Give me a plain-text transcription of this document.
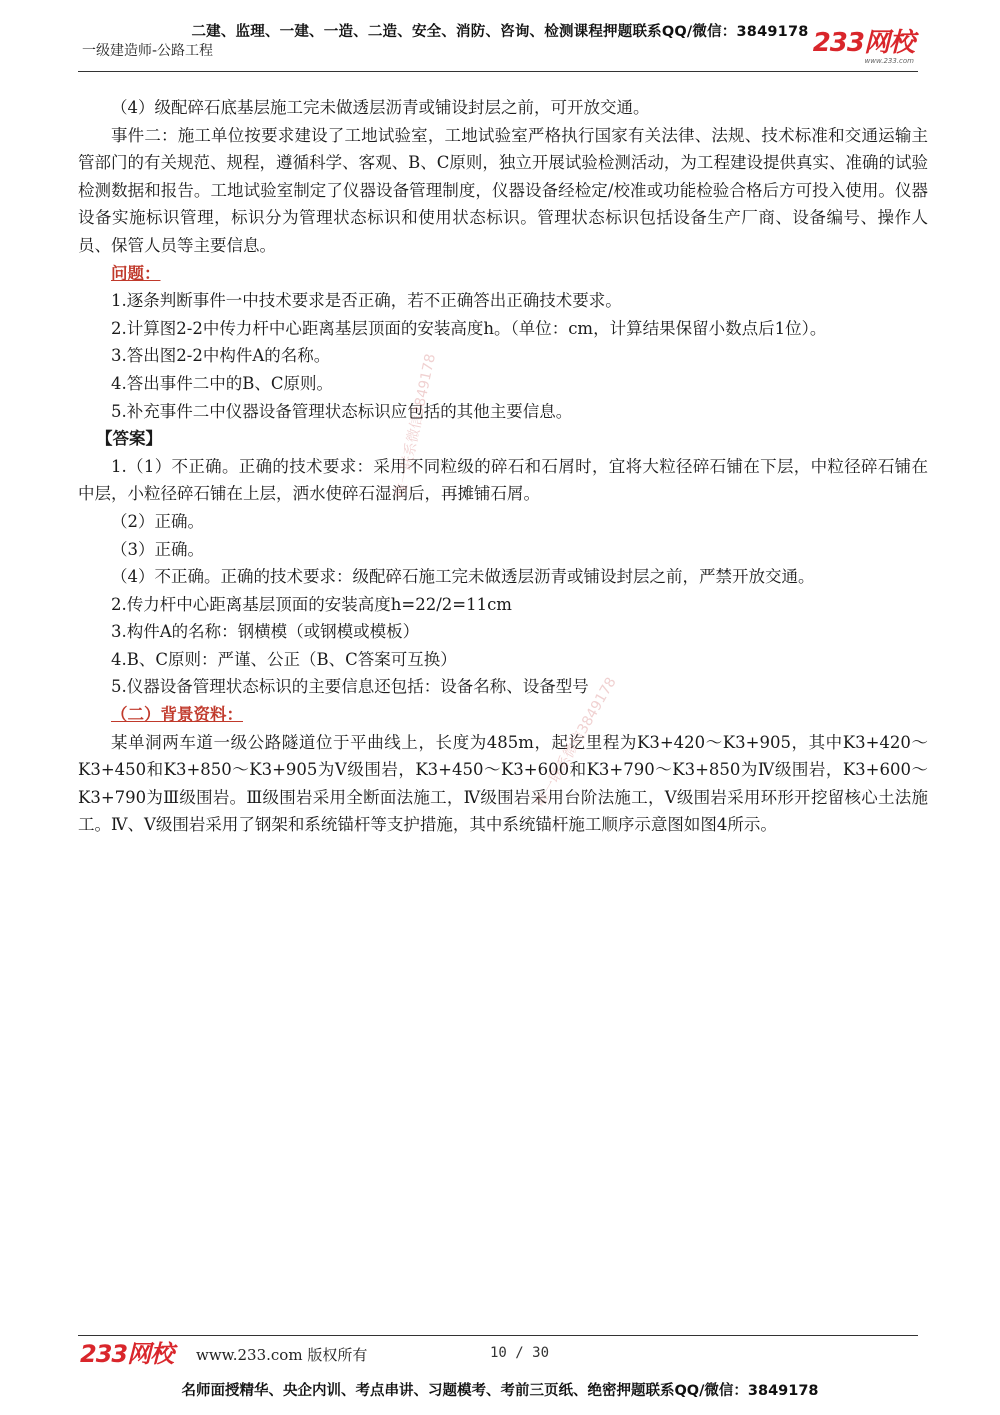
二建、监理、一建、一造、二造、安全、消防、咨询、检测课程押题联系QQ/微信：3849178
一级建造师-公路工程	233网校
www.233.com

（4）级配碎石底基层施工完未做透层沥青或铺设封层之前，可开放交通。

事件二：施工单位按要求建设了工地试验室，工地试验室严格执行国家有关法律、法规、技术标准和交通运输主管部门的有关规范、规程，遵循科学、客观、B、C原则，独立开展试验检测活动，为工程建设提供真实、准确的试验检测数据和报告。工地试验室制定了仪器设备管理制度，仪器设备经检定/校准或功能检验合格后方可投入使用。仪器设备实施标识管理，标识分为管理状态标识和使用状态标识。管理状态标识包括设备生产厂商、设备编号、操作人员、保管人员等主要信息。

问题：

1.逐条判断事件一中技术要求是否正确，若不正确答出正确技术要求。

2.计算图2-2中传力杆中心距离基层顶面的安装高度h。（单位：cm，计算结果保留小数点后1位）。

3.答出图2-2中构件A的名称。

4.答出事件二中的B、C原则。

5.补充事件二中仪器设备管理状态标识应包括的其他主要信息。

【答案】

1.（1）不正确。正确的技术要求：采用不同粒级的碎石和石屑时，宜将大粒径碎石铺在下层，中粒径碎石铺在中层，小粒径碎石铺在上层，洒水使碎石湿润后，再摊铺石屑。

（2）正确。

（3）正确。

（4）不正确。正确的技术要求：级配碎石施工完未做透层沥青或铺设封层之前，严禁开放交通。

2.传力杆中心距离基层顶面的安装高度h=22/2=11cm

3.构件A的名称：钢横模（或钢模或模板）

4.B、C原则：严谨、公正（B、C答案可互换）

5.仪器设备管理状态标识的主要信息还包括：设备名称、设备型号

（二）背景资料：

某单洞两车道一级公路隧道位于平曲线上，长度为485m，起讫里程为K3+420～K3+905，其中K3+420～K3+450和K3+850～K3+905为Ⅴ级围岩，K3+450～K3+600和K3+790～K3+850为Ⅳ级围岩，K3+600～K3+790为Ⅲ级围岩。Ⅲ级围岩采用全断面法施工，Ⅳ级围岩采用台阶法施工，Ⅴ级围岩采用环形开挖留核心土法施工。Ⅳ、Ⅴ级围岩采用了钢架和系统锚杆等支护措施，其中系统锚杆施工顺序示意图如图4所示。

唯一联系微信3849178
唯一联系微信3849178
233网校 www.233.com 版权所有	10 / 30
名师面授精华、央企内训、考点串讲、习题模考、考前三页纸、绝密押题联系QQ/微信：3849178
